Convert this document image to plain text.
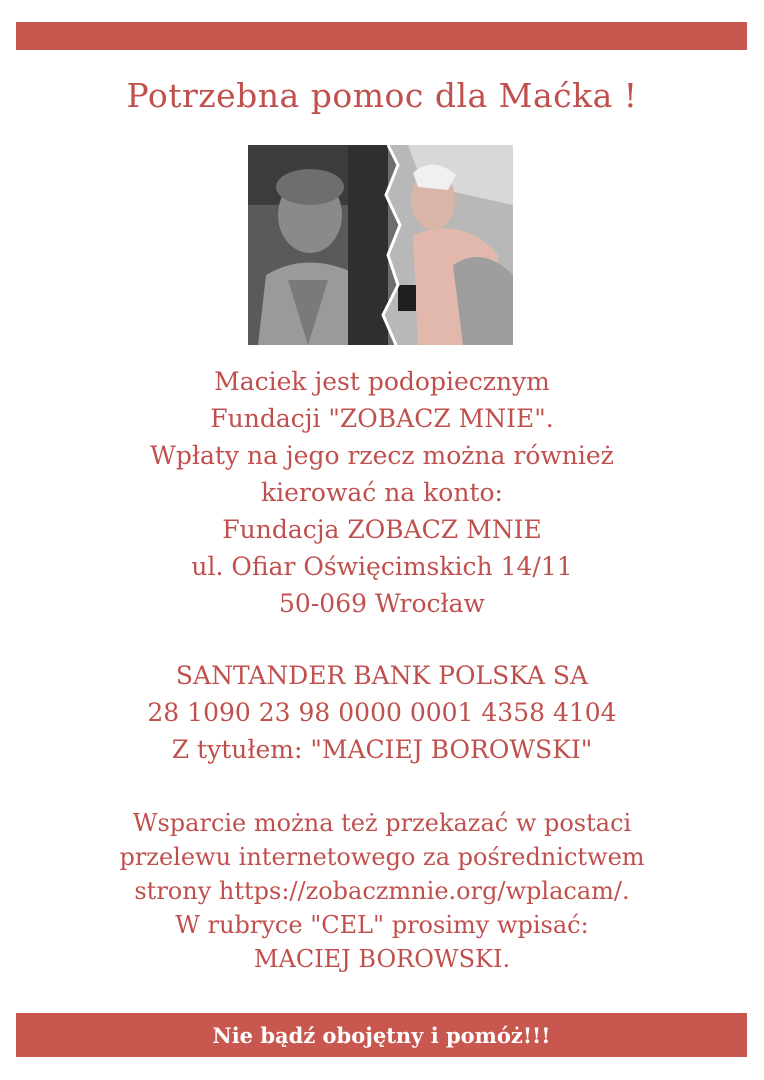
Potrzebna pomoc dla Maćka !
Maciek jest podopiecznym
Fundacji "ZOBACZ MNIE".
Wpłaty na jego rzecz można również
kierować na konto:
Fundacja ZOBACZ MNIE
ul. Ofiar Oświęcimskich 14/11
50-069 Wrocław
SANTANDER BANK POLSKA SA
28 1090 23 98 0000 0001 4358 4104
Z tytułem: "MACIEJ BOROWSKI"
Wsparcie można też przekazać w postaci
przelewu internetowego za pośrednictwem
strony https://zobaczmnie.org/wplacam/.
W rubryce "CEL" prosimy wpisać:
MACIEJ BOROWSKI.
Nie bądź obojętny i pomóż!!!
